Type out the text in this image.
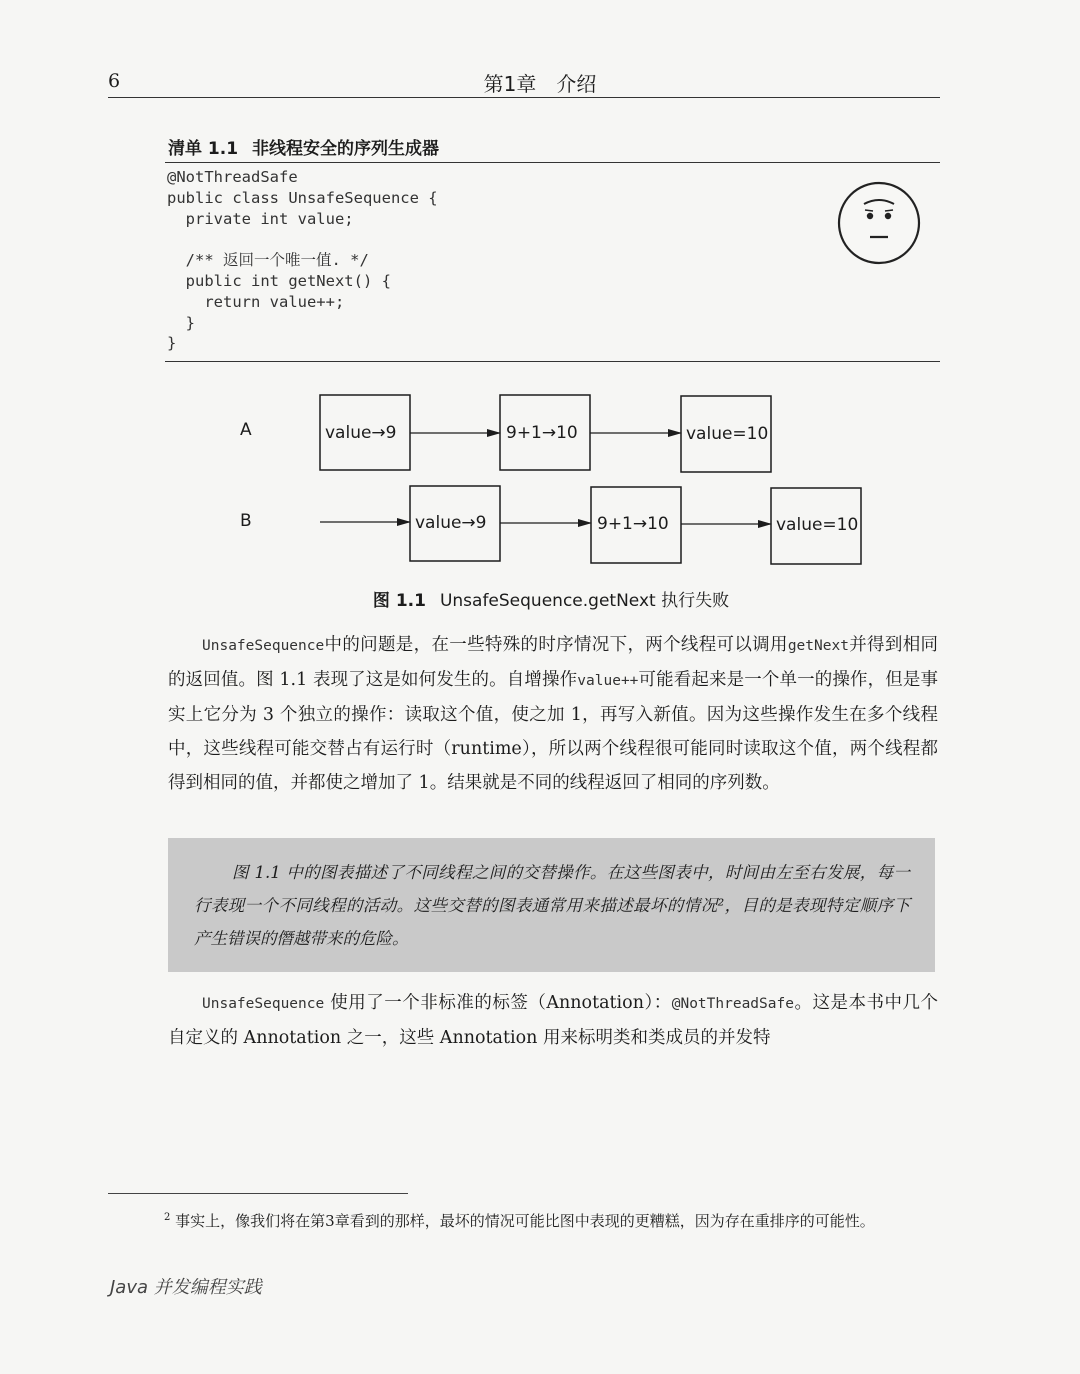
6	第1章　介绍
清单 1.1 非线程安全的序列生成器
@NotThreadSafe
public class UnsafeSequence {
private int value;

/** 返回一个唯一值. */
public int getNext() {
return value++;
}
}
A
B
value→9	9+1→10	value=10
value→9	9+1→10	value=10
图 1.1 UnsafeSequence.getNext 执行失败

UnsafeSequence中的问题是，在一些特殊的时序情况下，两个线程可以调用getNext并得到相同的返回值。图 1.1 表现了这是如何发生的。自增操作value++可能看起来是一个单一的操作，但是事实上它分为 3 个独立的操作：读取这个值，使之加 1，再写入新值。因为这些操作发生在多个线程中，这些线程可能交替占有运行时（runtime），所以两个线程很可能同时读取这个值，两个线程都得到相同的值，并都使之增加了 1。结果就是不同的线程返回了相同的序列数。

图 1.1 中的图表描述了不同线程之间的交替操作。在这些图表中，时间由左至右发展，每一行表现一个不同线程的活动。这些交替的图表通常用来描述最坏的情况²，目的是表现特定顺序下产生错误的僭越带来的危险。

UnsafeSequence 使用了一个非标准的标签（Annotation）：@NotThreadSafe。这是本书中几个自定义的 Annotation 之一，这些 Annotation 用来标明类和类成员的并发特

$^2$ 事实上，像我们将在第3章看到的那样，最坏的情况可能比图中表现的更糟糕，因为存在重排序的可能性。

Java 并发编程实践
